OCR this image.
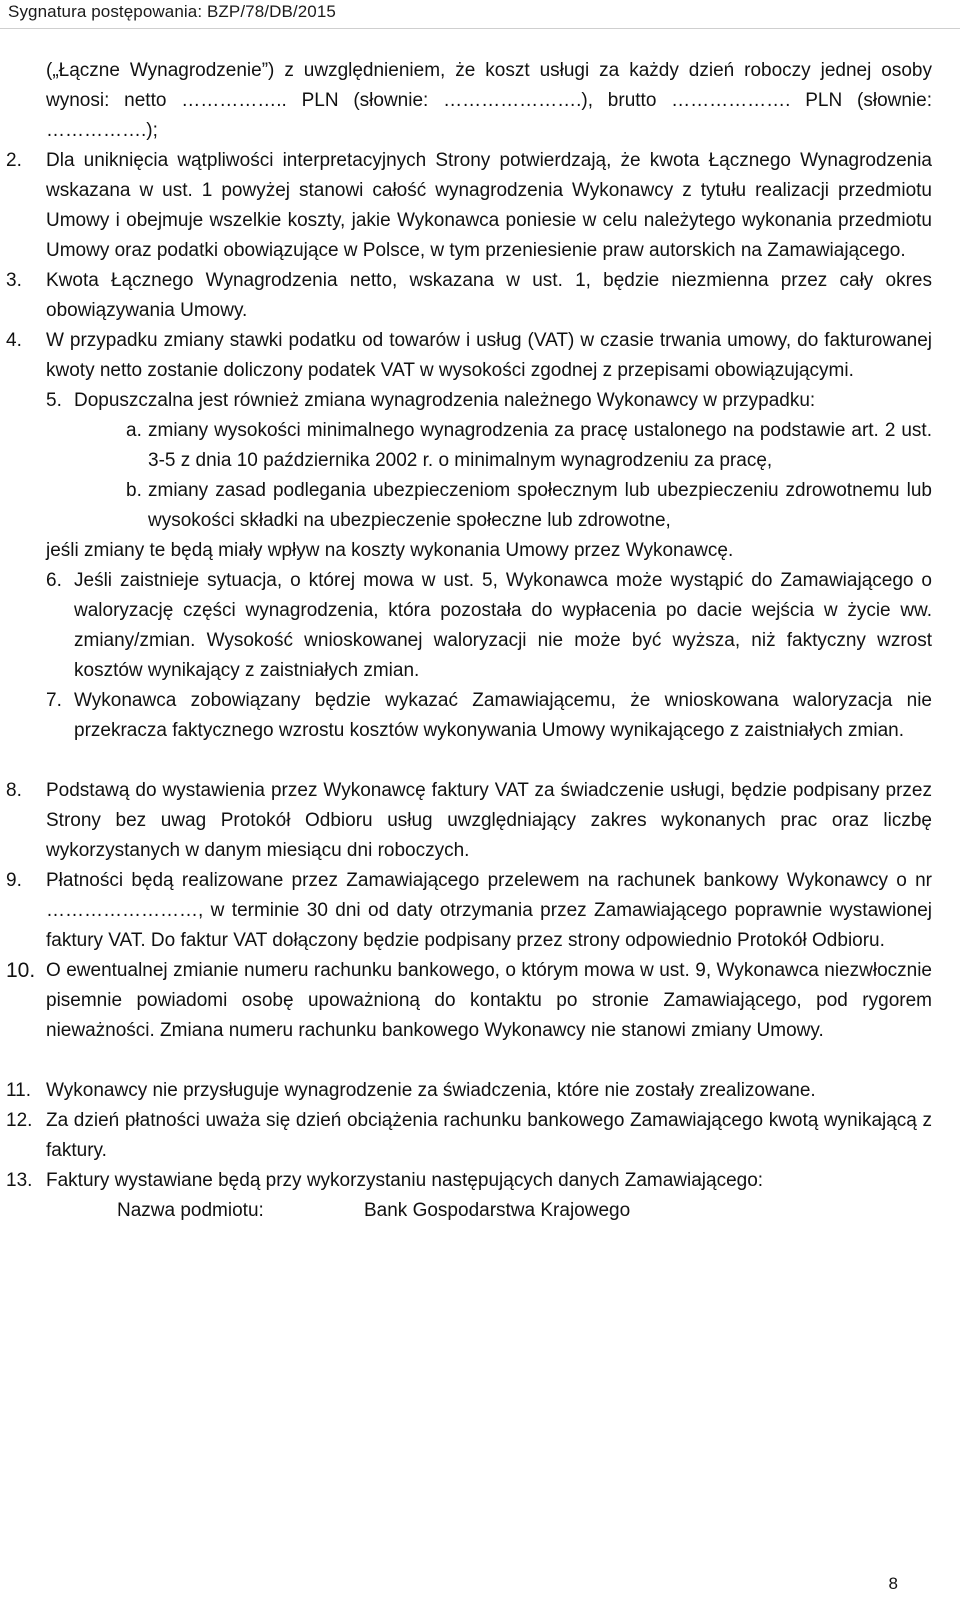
Sygnatura postępowania: BZP/78/DB/2015

(„Łączne Wynagrodzenie”) z uwzględnieniem, że koszt usługi za każdy dzień roboczy jednej osoby wynosi: netto …………….. PLN (słownie: ………………….), brutto ………………. PLN (słownie: …………….);

2. Dla uniknięcia wątpliwości interpretacyjnych Strony potwierdzają, że kwota Łącznego Wynagrodzenia wskazana w ust. 1 powyżej stanowi całość wynagrodzenia Wykonawcy z tytułu realizacji przedmiotu Umowy i obejmuje wszelkie koszty, jakie Wykonawca poniesie w celu należytego wykonania przedmiotu Umowy oraz podatki obowiązujące w Polsce, w tym przeniesienie praw autorskich na Zamawiającego.

3. Kwota Łącznego Wynagrodzenia netto, wskazana w ust. 1, będzie niezmienna przez cały okres obowiązywania Umowy.

4. W przypadku zmiany stawki podatku od towarów i usług (VAT) w czasie trwania umowy, do fakturowanej kwoty netto zostanie doliczony podatek VAT w wysokości zgodnej z przepisami obowiązującymi.

5. Dopuszczalna jest również zmiana wynagrodzenia należnego Wykonawcy w przypadku:

a. zmiany wysokości minimalnego wynagrodzenia za pracę ustalonego na podstawie art. 2 ust. 3-5 z dnia 10 października 2002 r. o minimalnym wynagrodzeniu za pracę,

b. zmiany zasad podlegania ubezpieczeniom społecznym lub ubezpieczeniu zdrowotnemu lub wysokości składki na ubezpieczenie społeczne lub zdrowotne,

jeśli zmiany te będą miały wpływ na koszty wykonania Umowy przez Wykonawcę.

6. Jeśli zaistnieje sytuacja, o której mowa w ust. 5, Wykonawca może wystąpić do Zamawiającego o waloryzację części wynagrodzenia, która pozostała do wypłacenia po dacie wejścia w życie ww. zmiany/zmian. Wysokość wnioskowanej waloryzacji nie może być wyższa, niż faktyczny wzrost kosztów wynikający z zaistniałych zmian.

7. Wykonawca zobowiązany będzie wykazać Zamawiającemu, że wnioskowana waloryzacja nie przekracza faktycznego wzrostu kosztów wykonywania Umowy wynikającego z zaistniałych zmian.

8. Podstawą do wystawienia przez Wykonawcę faktury VAT za świadczenie usługi, będzie podpisany przez Strony bez uwag Protokół Odbioru usług uwzględniający zakres wykonanych prac oraz liczbę wykorzystanych w danym miesiącu dni roboczych.

9. Płatności będą realizowane przez Zamawiającego przelewem na rachunek bankowy Wykonawcy o nr ……………………, w terminie 30 dni od daty otrzymania przez Zamawiającego poprawnie wystawionej faktury VAT. Do faktur VAT dołączony będzie podpisany przez strony odpowiednio Protokół Odbioru.

10. O ewentualnej zmianie numeru rachunku bankowego, o którym mowa w ust. 9, Wykonawca niezwłocznie pisemnie powiadomi osobę upoważnioną do kontaktu po stronie Zamawiającego, pod rygorem nieważności. Zmiana numeru rachunku bankowego Wykonawcy nie stanowi zmiany Umowy.

11. Wykonawcy nie przysługuje wynagrodzenie za świadczenia, które nie zostały zrealizowane.

12. Za dzień płatności uważa się dzień obciążenia rachunku bankowego Zamawiającego kwotą wynikającą z faktury.

13. Faktury wystawiane będą przy wykorzystaniu następujących danych Zamawiającego:

Nazwa podmiotu:	Bank Gospodarstwa Krajowego
8
